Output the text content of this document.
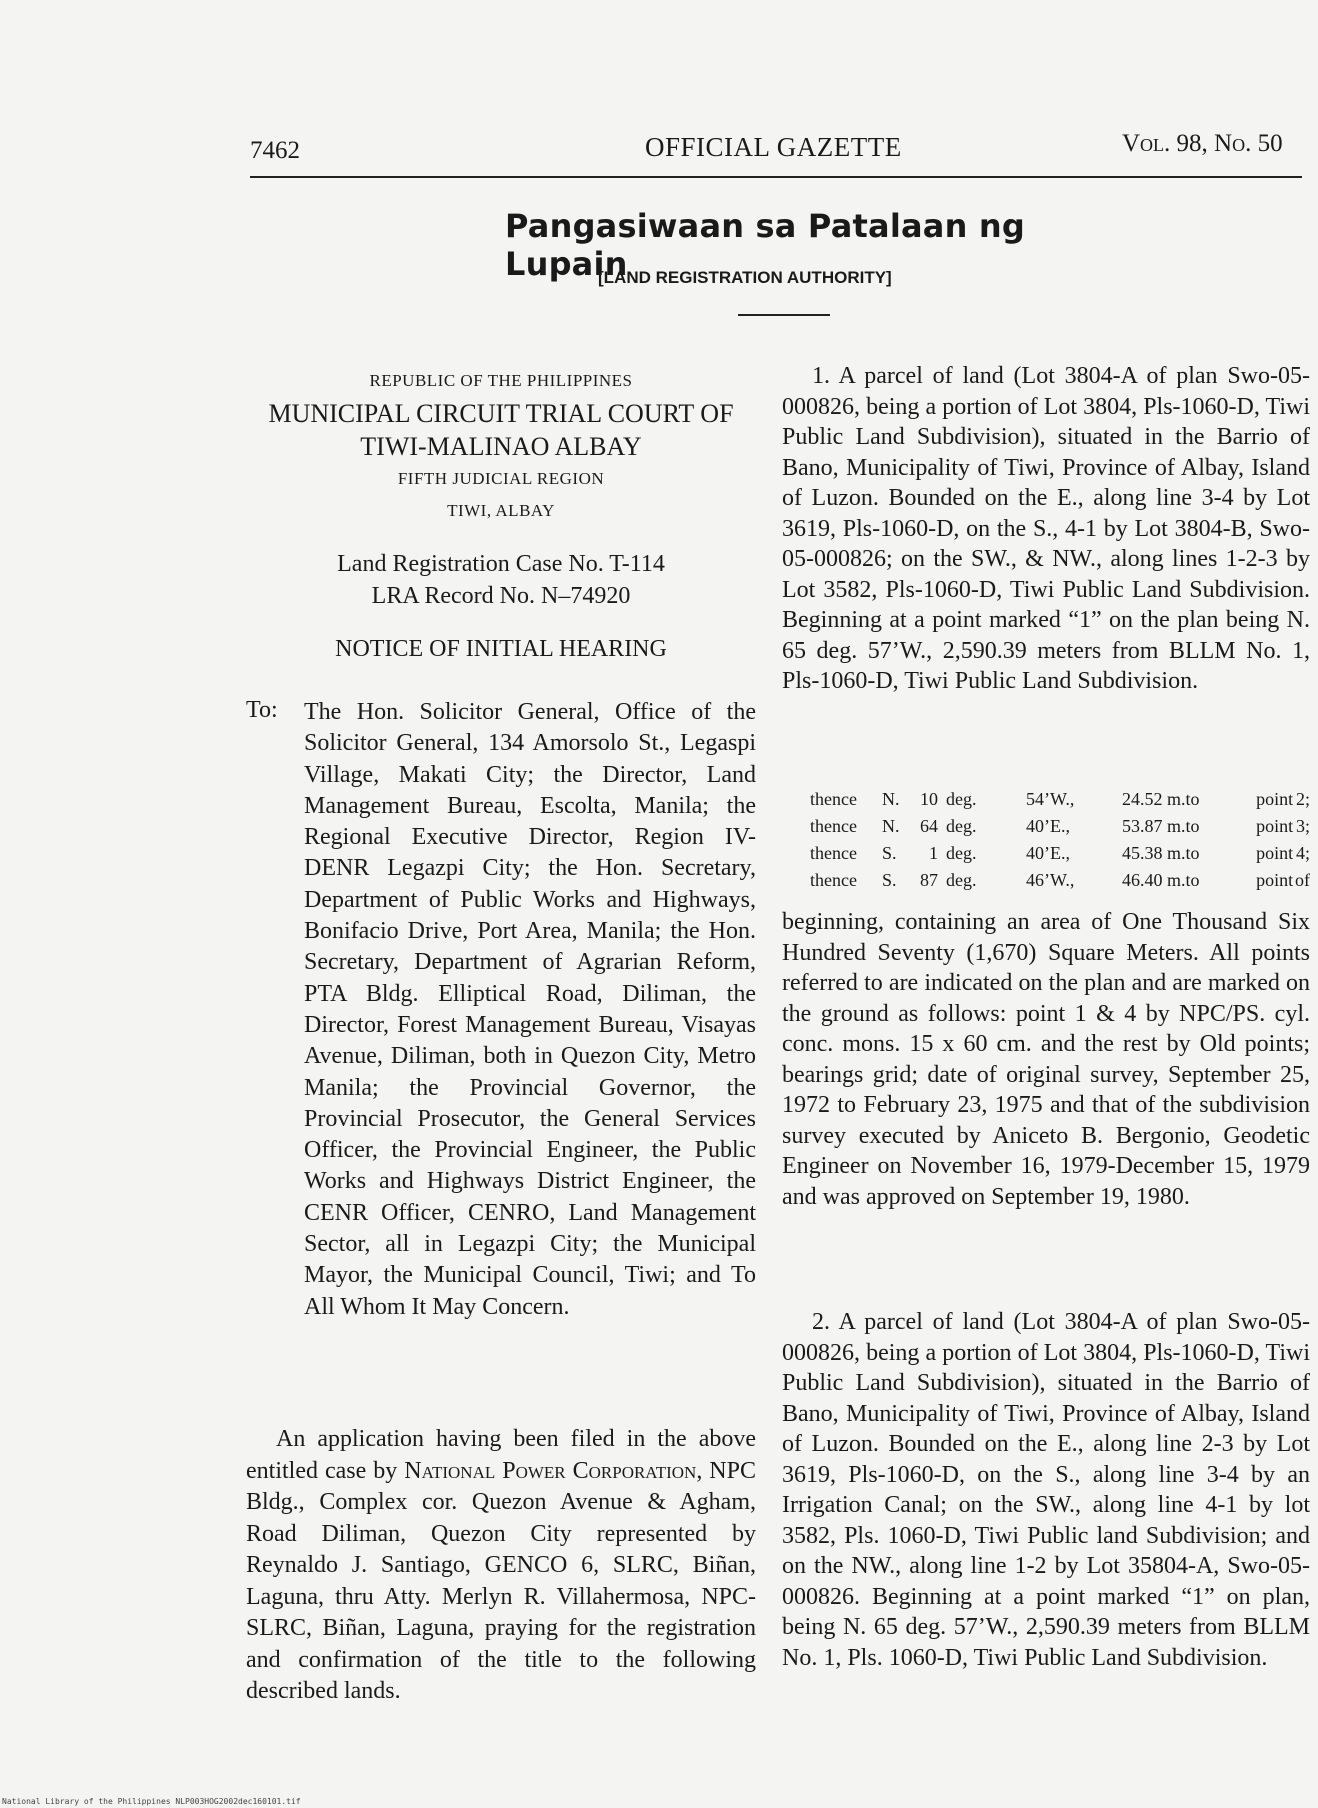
7462	OFFICIAL GAZETTE	Vol. 98, No. 50
Pangasiwaan sa Patalaan ng Lupain
[LAND REGISTRATION AUTHORITY]
REPUBLIC OF THE PHILIPPINES
MUNICIPAL CIRCUIT TRIAL COURT OF
TIWI-MALINAO ALBAY
FIFTH JUDICIAL REGION
TIWI, ALBAY
Land Registration Case No. T-114
LRA Record No. N–74920
NOTICE OF INITIAL HEARING
To: The Hon. Solicitor General, Office of the Solicitor General, 134 Amorsolo St., Legaspi Village, Makati City; the Director, Land Management Bureau, Escolta, Manila; the Regional Executive Director, Region IV-DENR Legazpi City; the Hon. Secretary, Department of Public Works and Highways, Bonifacio Drive, Port Area, Manila; the Hon. Secretary, Department of Agrarian Reform, PTA Bldg. Elliptical Road, Diliman, the Director, Forest Management Bureau, Visayas Avenue, Diliman, both in Quezon City, Metro Manila; the Provincial Governor, the Provincial Prosecutor, the General Services Officer, the Provincial Engineer, the Public Works and Highways District Engineer, the CENR Officer, CENRO, Land Management Sector, all in Legazpi City; the Municipal Mayor, the Municipal Council, Tiwi; and To All Whom It May Concern.
An application having been filed in the above entitled case by National Power Corporation, NPC Bldg., Complex cor. Quezon Avenue & Agham, Road Diliman, Quezon City represented by Reynaldo J. Santiago, GENCO 6, SLRC, Biñan, Laguna, thru Atty. Merlyn R. Villahermosa, NPC-SLRC, Biñan, Laguna, praying for the registration and confirmation of the title to the following described lands.
1. A parcel of land (Lot 3804-A of plan Swo-05-000826, being a portion of Lot 3804, Pls-1060-D, Tiwi Public Land Subdivision), situated in the Barrio of Bano, Municipality of Tiwi, Province of Albay, Island of Luzon. Bounded on the E., along line 3-4 by Lot 3619, Pls-1060-D, on the S., 4-1 by Lot 3804-B, Swo-05-000826; on the SW., & NW., along lines 1-2-3 by Lot 3582, Pls-1060-D, Tiwi Public Land Subdivision. Beginning at a point marked “1” on the plan being N. 65 deg. 57’W., 2,590.39 meters from BLLM No. 1, Pls-1060-D, Tiwi Public Land Subdivision.
thence	N.	10	deg.	54’W.,	24.52 m.	to	point	2;
thence	N.	64	deg.	40’E.,	53.87 m.	to	point	3;
thence	S.	1	deg.	40’E.,	45.38 m.	to	point	4;
thence	S.	87	deg.	46’W.,	46.40 m.	to	point	of
beginning, containing an area of One Thousand Six Hundred Seventy (1,670) Square Meters. All points referred to are indicated on the plan and are marked on the ground as follows: point 1 & 4 by NPC/PS. cyl. conc. mons. 15 x 60 cm. and the rest by Old points; bearings grid; date of original survey, September 25, 1972 to February 23, 1975 and that of the subdivision survey executed by Aniceto B. Bergonio, Geodetic Engineer on November 16, 1979-December 15, 1979 and was approved on September 19, 1980.
2. A parcel of land (Lot 3804-A of plan Swo-05-000826, being a portion of Lot 3804, Pls-1060-D, Tiwi Public Land Subdivision), situated in the Barrio of Bano, Municipality of Tiwi, Province of Albay, Island of Luzon. Bounded on the E., along line 2-3 by Lot 3619, Pls-1060-D, on the S., along line 3-4 by an Irrigation Canal; on the SW., along line 4-1 by lot 3582, Pls. 1060-D, Tiwi Public land Subdivision; and on the NW., along line 1-2 by Lot 35804-A, Swo-05-000826. Beginning at a point marked “1” on plan, being N. 65 deg. 57’W., 2,590.39 meters from BLLM No. 1, Pls. 1060-D, Tiwi Public Land Subdivision.
National Library of the Philippines NLP003HOG2002dec160101.tif
